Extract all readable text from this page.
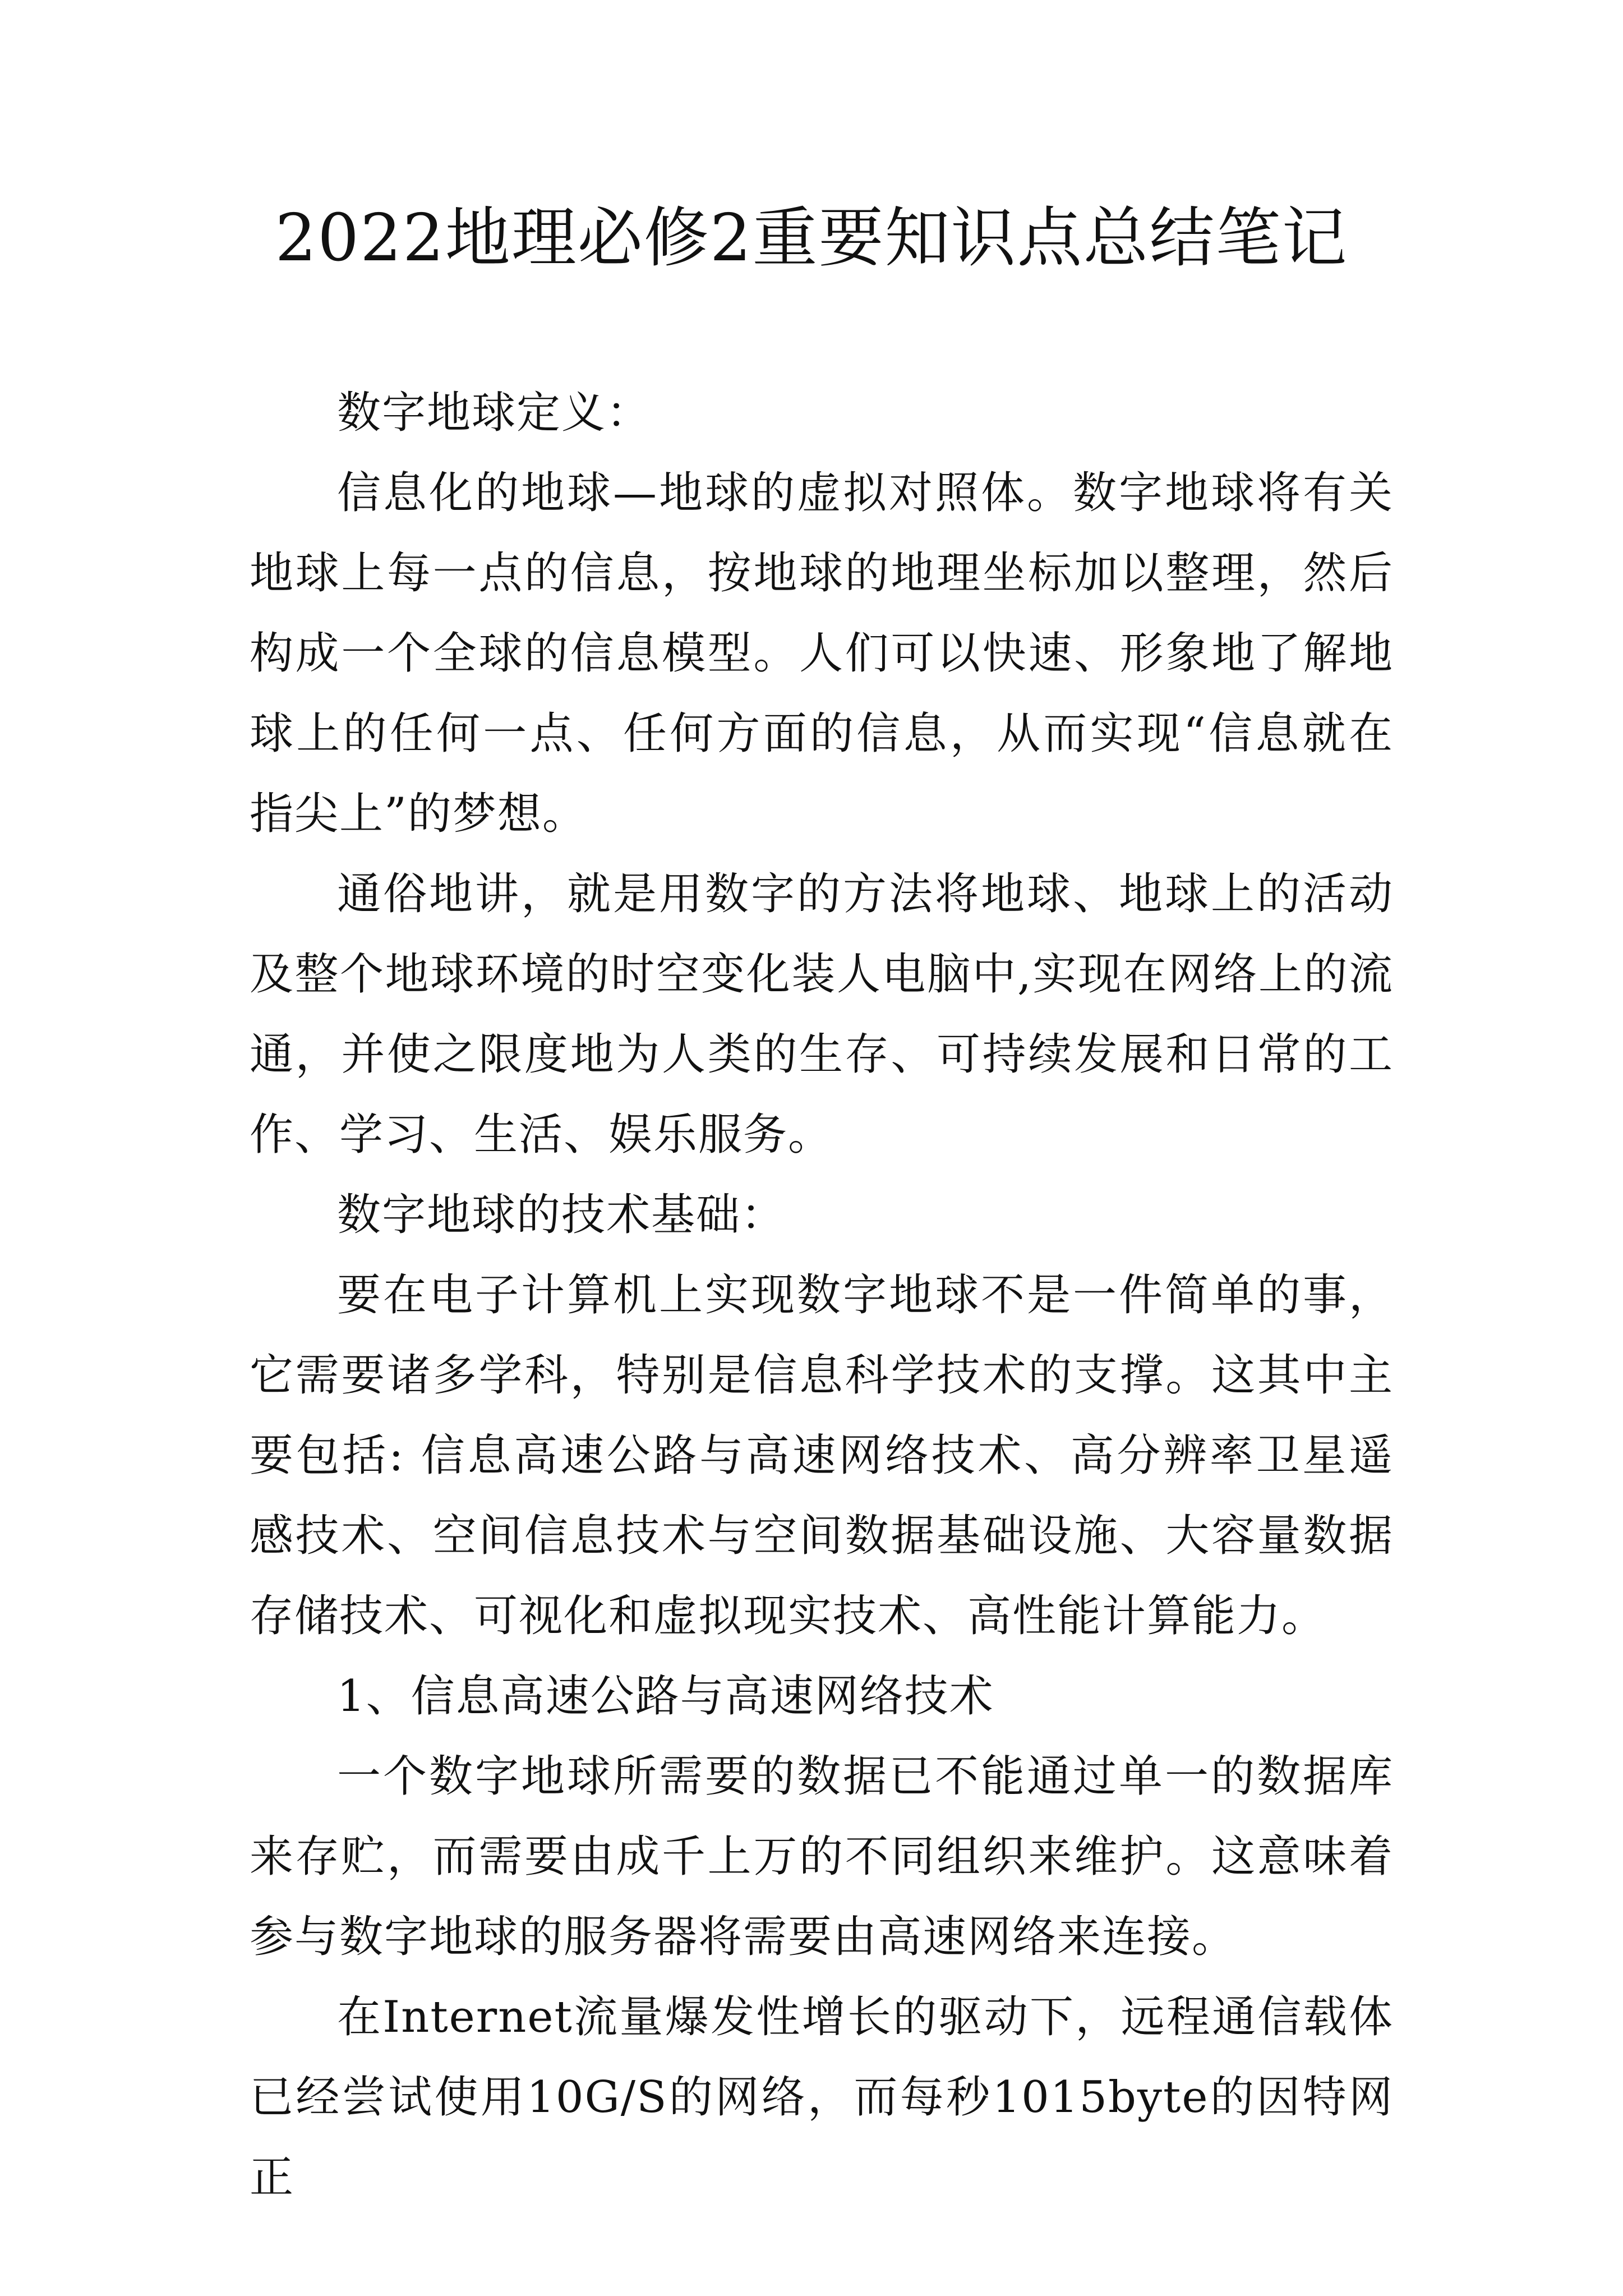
2022地理必修2重要知识点总结笔记

数字地球定义：

信息化的地球—地球的虚拟对照体。数字地球将有关地球上每一点的信息，按地球的地理坐标加以整理，然后构成一个全球的信息模型。人们可以快速、形象地了解地球上的任何一点、任何方面的信息，从而实现“信息就在指尖上”的梦想。

通俗地讲，就是用数字的方法将地球、地球上的活动及整个地球环境的时空变化装人电脑中,实现在网络上的流通，并使之限度地为人类的生存、可持续发展和日常的工作、学习、生活、娱乐服务。

数字地球的技术基础：

要在电子计算机上实现数字地球不是一件简单的事，它需要诸多学科，特别是信息科学技术的支撑。这其中主要包括: 信息高速公路与高速网络技术、高分辨率卫星遥感技术、空间信息技术与空间数据基础设施、大容量数据存储技术、可视化和虚拟现实技术、高性能计算能力。

1、信息高速公路与高速网络技术

一个数字地球所需要的数据已不能通过单一的数据库来存贮，而需要由成千上万的不同组织来维护。这意味着参与数字地球的服务器将需要由高速网络来连接。

在Internet流量爆发性增长的驱动下，远程通信载体已经尝试使用10G/S的网络，而每秒1015byte的因特网正
